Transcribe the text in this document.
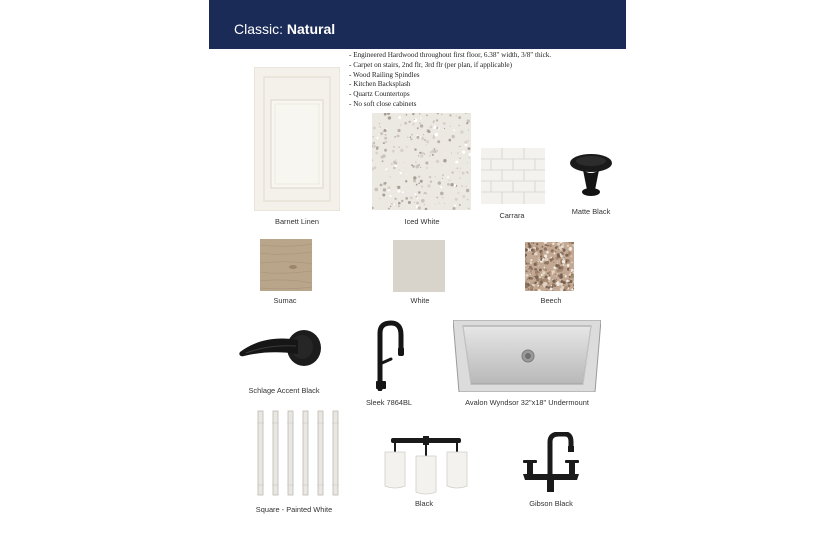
Classic: Natural
- Engineered Hardwood throughout first floor, 6.38" width, 3/8" thick.
- Carpet on stairs, 2nd flr, 3rd flr (per plan, if applicable)
- Wood Railing Spindles
- Kitchen Backsplash
- Quartz Countertops
- No soft close cabinets
Barnett Linen	Iced White
Carrara	Matte Black
Sumac	White	Beech
Schlage Accent Black
Sleek 7864BL	Avalon Wyndsor 32"x18" Undermount
Square - Painted White
Black	Gibson Black
